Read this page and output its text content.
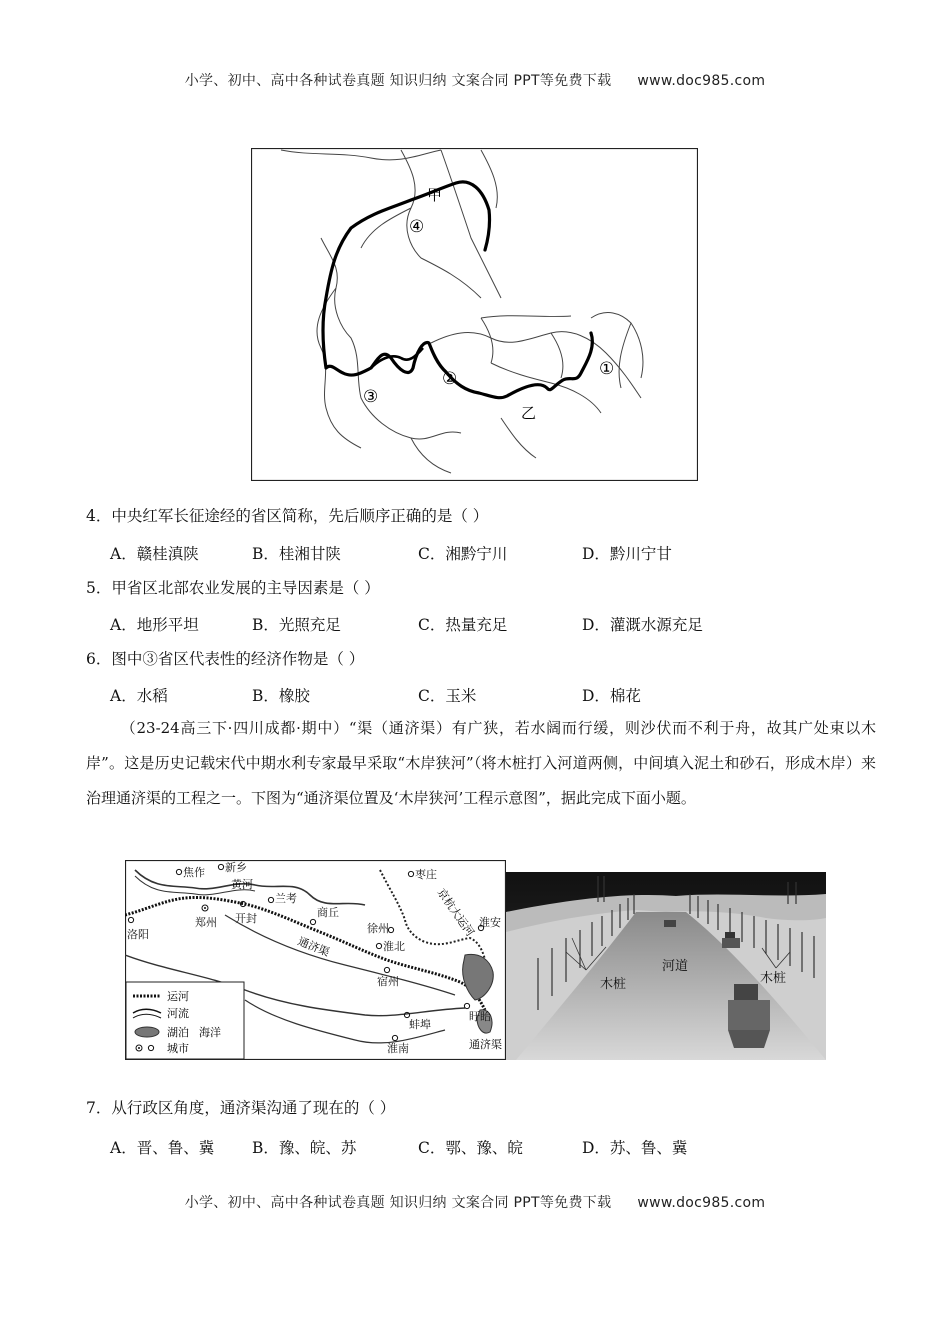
小学、初中、高中各种试卷真题 知识归纳 文案合同 PPT等免费下载 www.doc985.com
甲
④
②
③
①
乙
4．中央红军长征途经的省区简称，先后顺序正确的是（ ）
A．赣桂滇陕	B．桂湘甘陕	C．湘黔宁川	D．黔川宁甘
5．甲省区北部农业发展的主导因素是（ ）
A．地形平坦	B．光照充足	C．热量充足	D．灌溉水源充足
6．图中③省区代表性的经济作物是（ ）
A．水稻	B．橡胶	C．玉米	D．棉花
（23-24高三下·四川成都·期中）“渠（通济渠）有广狭，若水阔而行缓，则沙伏而不利于舟，故其广处束以木岸”。这是历史记载宋代中期水利专家最早采取“木岸狭河”（将木桩打入河道两侧，中间填入泥土和砂石，形成木岸）来治理通济渠的工程之一。下图为“通济渠位置及‘木岸狭河’工程示意图”，据此完成下面小题。
焦作 新乡
洛阳
郑州 开封
兰考
商丘
枣庄
徐州
淮北
宿州
淮安
盱眙
蚌埠
淮南
黄河
京杭大运河
通济渠
通济渠
运河
河流
湖泊 海洋
城市
木桩
河道
木桩
7．从行政区角度，通济渠沟通了现在的（ ）
A．晋、鲁、冀 B．豫、皖、苏	C．鄂、豫、皖	D．苏、鲁、冀
小学、初中、高中各种试卷真题 知识归纳 文案合同 PPT等免费下载 www.doc985.com
